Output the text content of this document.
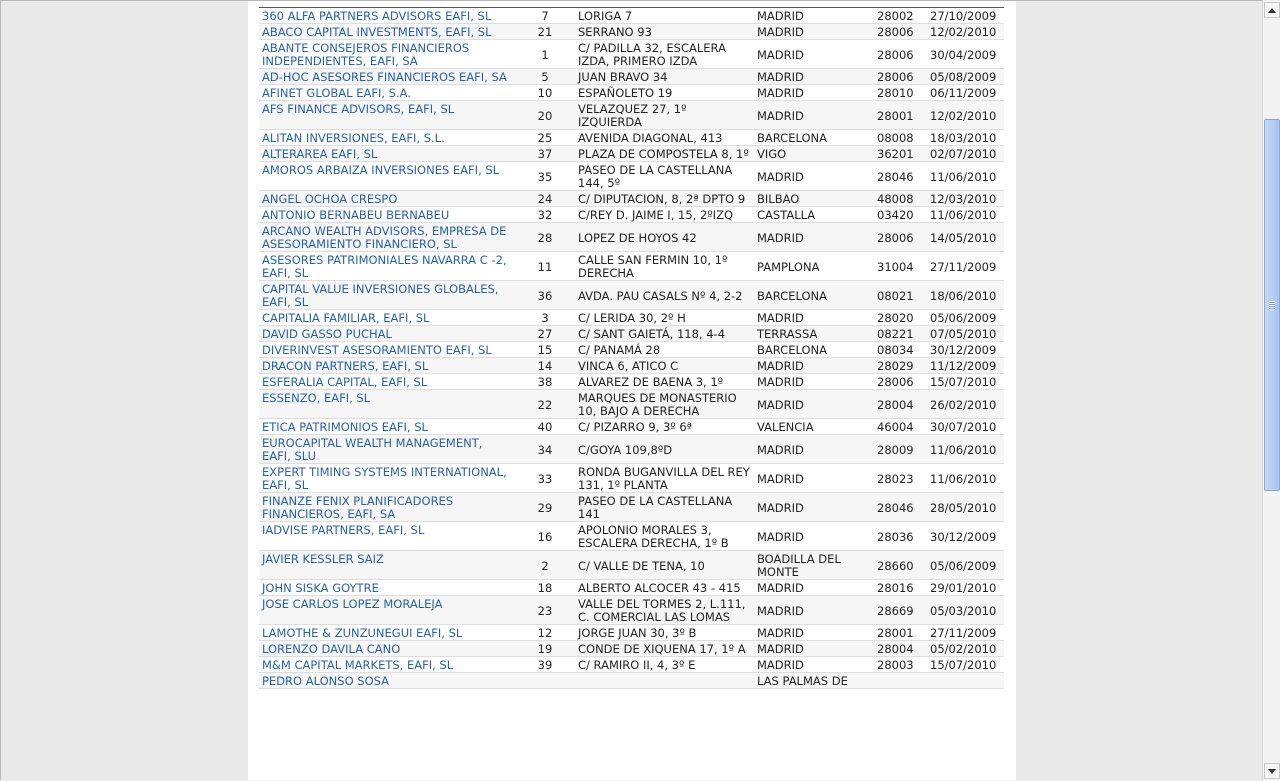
360 ALFA PARTNERS ADVISORS EAFI, SL	7	LORIGA 7	MADRID	28002	27/10/2009
ABACO CAPITAL INVESTMENTS, EAFI, SL	21	SERRANO 93	MADRID	28006	12/02/2010
ABANTE CONSEJEROS FINANCIEROS INDEPENDIENTES, EAFI, SA	1	C/ PADILLA 32, ESCALERA IZDA, PRIMERO IZDA	MADRID	28006	30/04/2009
AD-HOC ASESORES FINANCIEROS EAFI, SA	5	JUAN BRAVO 34	MADRID	28006	05/08/2009
AFINET GLOBAL EAFI, S.A.	10	ESPAÑOLETO 19	MADRID	28010	06/11/2009
AFS FINANCE ADVISORS, EAFI, SL	20	VELAZQUEZ 27, 1º IZQUIERDA	MADRID	28001	12/02/2010
ALITAN INVERSIONES, EAFI, S.L.	25	AVENIDA DIAGONAL, 413	BARCELONA	08008	18/03/2010
ALTERAREA EAFI, SL	37	PLAZA DE COMPOSTELA 8, 1º	VIGO	36201	02/07/2010
AMOROS ARBAIZA INVERSIONES EAFI, SL	35	PASEO DE LA CASTELLANA 144, 5º	MADRID	28046	11/06/2010
ANGEL OCHOA CRESPO	24	C/ DIPUTACION, 8, 2ª DPTO 9	BILBAO	48008	12/03/2010
ANTONIO BERNABEU BERNABEU	32	C/REY D. JAIME I, 15, 2ºIZQ	CASTALLA	03420	11/06/2010
ARCANO WEALTH ADVISORS, EMPRESA DE ASESORAMIENTO FINANCIERO, SL	28	LOPEZ DE HOYOS 42	MADRID	28006	14/05/2010
ASESORES PATRIMONIALES NAVARRA C -2, EAFI, SL	11	CALLE SAN FERMIN 10, 1º DERECHA	PAMPLONA	31004	27/11/2009
CAPITAL VALUE INVERSIONES GLOBALES, EAFI, SL	36	AVDA. PAU CASALS Nº 4, 2-2	BARCELONA	08021	18/06/2010
CAPITALIA FAMILIAR, EAFI, SL	3	C/ LERIDA 30, 2º H	MADRID	28020	05/06/2009
DAVID GASSO PUCHAL	27	C/ SANT GAIETÁ, 118, 4-4	TERRASSA	08221	07/05/2010
DIVERINVEST ASESORAMIENTO EAFI, SL	15	C/ PANAMÁ 28	BARCELONA	08034	30/12/2009
DRACON PARTNERS, EAFI, SL	14	VINCA 6, ATICO C	MADRID	28029	11/12/2009
ESFERALIA CAPITAL, EAFI, SL	38	ALVAREZ DE BAENA 3, 1º	MADRID	28006	15/07/2010
ESSENZO, EAFI, SL	22	MARQUES DE MONASTERIO 10, BAJO A DERECHA	MADRID	28004	26/02/2010
ETICA PATRIMONIOS EAFI, SL	40	C/ PIZARRO 9, 3º 6ª	VALENCIA	46004	30/07/2010
EUROCAPITAL WEALTH MANAGEMENT, EAFI, SLU	34	C/GOYA 109,8ºD	MADRID	28009	11/06/2010
EXPERT TIMING SYSTEMS INTERNATIONAL, EAFI, SL	33	RONDA BUGANVILLA DEL REY 131, 1º PLANTA	MADRID	28023	11/06/2010
FINANZE FENIX PLANIFICADORES FINANCIEROS, EAFI, SA	29	PASEO DE LA CASTELLANA 141	MADRID	28046	28/05/2010
IADVISE PARTNERS, EAFI, SL	16	APOLONIO MORALES 3, ESCALERA DERECHA, 1º B	MADRID	28036	30/12/2009
JAVIER KESSLER SAIZ	2	C/ VALLE DE TENA, 10	BOADILLA DEL MONTE	28660	05/06/2009
JOHN SISKA GOYTRE	18	ALBERTO ALCOCER 43 - 415	MADRID	28016	29/01/2010
JOSE CARLOS LOPEZ MORALEJA	23	VALLE DEL TORMES 2, L.111, C. COMERCIAL LAS LOMAS	MADRID	28669	05/03/2010
LAMOTHE & ZUNZUNEGUI EAFI, SL	12	JORGE JUAN 30, 3º B	MADRID	28001	27/11/2009
LORENZO DAVILA CANO	19	CONDE DE XIQUENA 17, 1º A	MADRID	28004	05/02/2010
M&M CAPITAL MARKETS, EAFI, SL	39	C/ RAMIRO II, 4, 3º E	MADRID	28003	15/07/2010
PEDRO ALONSO SOSA			LAS PALMAS DE		
